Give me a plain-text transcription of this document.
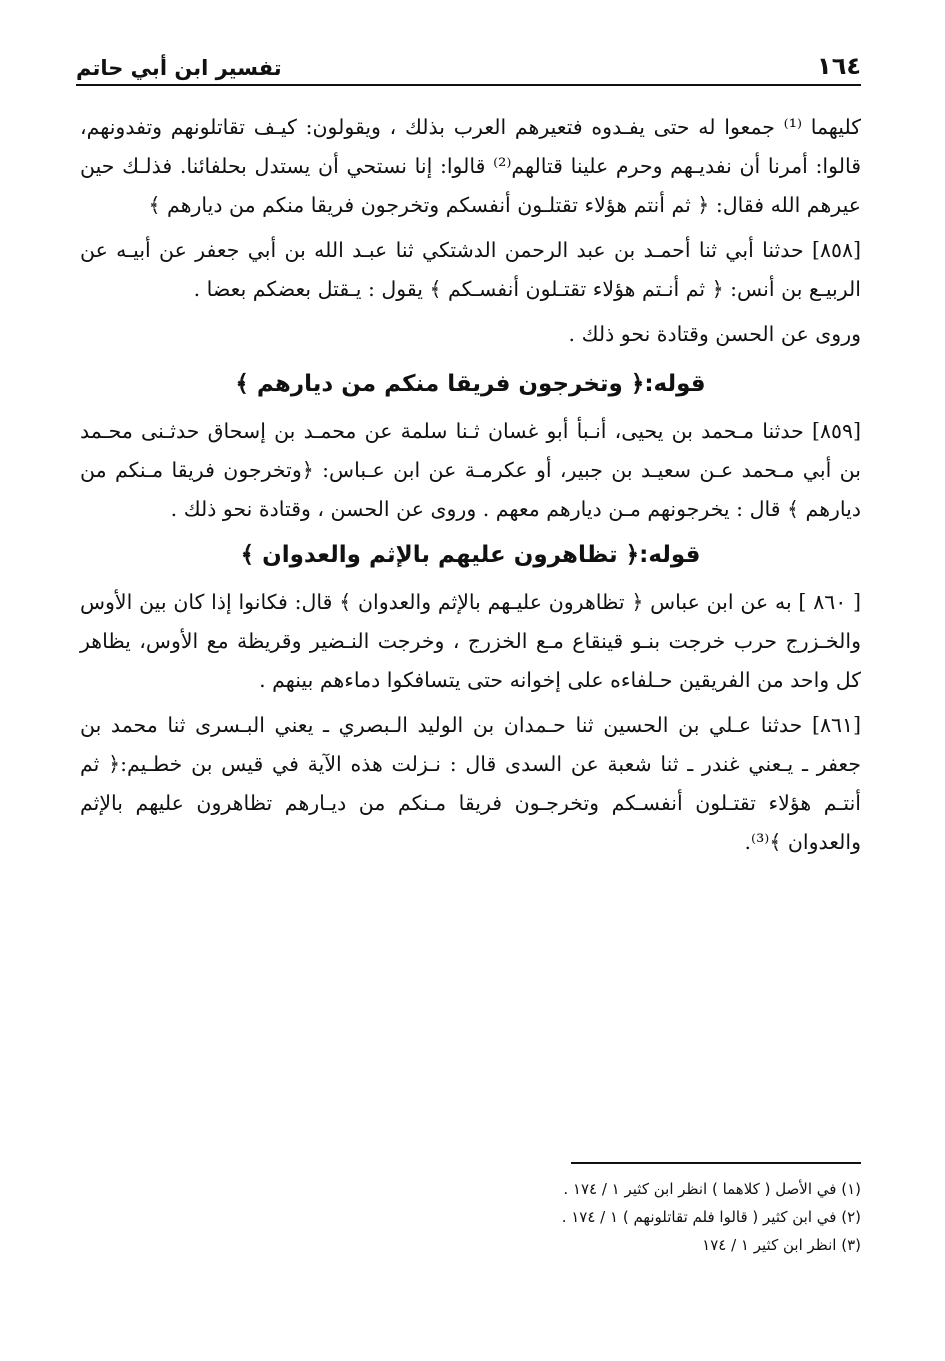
تفسير ابن أبي حاتم	١٦٤

كليهما ⁽¹⁾ جمعوا له حتى يفـدوه فتعيرهم العرب بذلك ، ويقولون: كيـف تقاتلونهم وتفدونهم، قالوا: أمرنا أن نفديـهم وحرم علينا قتالهم⁽²⁾ قالوا: إنا نستحي أن يستدل بحلفائنا. فذلـك حين عيرهم الله فقال: ﴿ ثم أنتم هؤلاء تقتلـون أنفسكم وتخرجون فريقا منكم من ديارهم ﴾

[٨٥٨] حدثنا أبي ثنا أحمـد بن عبد الرحمن الدشتكي ثنا عبـد الله بن أبي جعفر عن أبيـه عن الربيـع بن أنس: ﴿ ثم أنـتم هؤلاء تقتـلون أنفسـكم ﴾ يقول : يـقتل بعضكم بعضا .

وروى عن الحسن وقتادة نحو ذلك .

قوله:﴿ وتخرجون فريقا منكم من ديارهم ﴾

[٨٥٩] حدثنا مـحمد بن يحيى، أنـبأ أبو غسان ثـنا سلمة عن محمـد بن إسحاق حدثـنى محـمد بن أبي مـحمد عـن سعيـد بن جبير، أو عكرمـة عن ابن عـباس: ﴿وتخرجون فريقا مـنكم من ديارهم ﴾ قال : يخرجونهم مـن ديارهم معهم . وروى عن الحسن ، وقتادة نحو ذلك .

قوله:﴿ تظاهرون عليهم بالإثم والعدوان ﴾

[ ٨٦٠ ] به عن ابن عباس ﴿ تظاهرون عليـهم بالإثم والعدوان ﴾ قال: فكانوا إذا كان بين الأوس والخـزرج حرب خرجت بنـو قينقاع مـع الخزرج ، وخرجت النـضير وقريظة مع الأوس، يظاهر كل واحد من الفريقين حـلفاءه على إخوانه حتى يتسافكوا دماءهم بينهم .

[٨٦١] حدثنا عـلي بن الحسين ثنا حـمدان بن الوليد الـبصري ـ يعني البـسرى ثنا محمد بن جعفر ـ يـعني غندر ـ ثنا شعبة عن السدى قال : نـزلت هذه الآية في قيس بن خطـيم:﴿ ثم أنتـم هؤلاء تقتـلون أنفسـكم وتخرجـون فريقا مـنكم من ديـارهم تظاهرون عليهم بالإثم والعدوان ﴾⁽³⁾.

(١) في الأصل ( كلاهما ) انظر ابن كثير ١ / ١٧٤ .

(٢) في ابن كثير ( قالوا فلم تقاتلونهم ) ١ / ١٧٤ .

(٣) انظر ابن كثير ١ / ١٧٤
